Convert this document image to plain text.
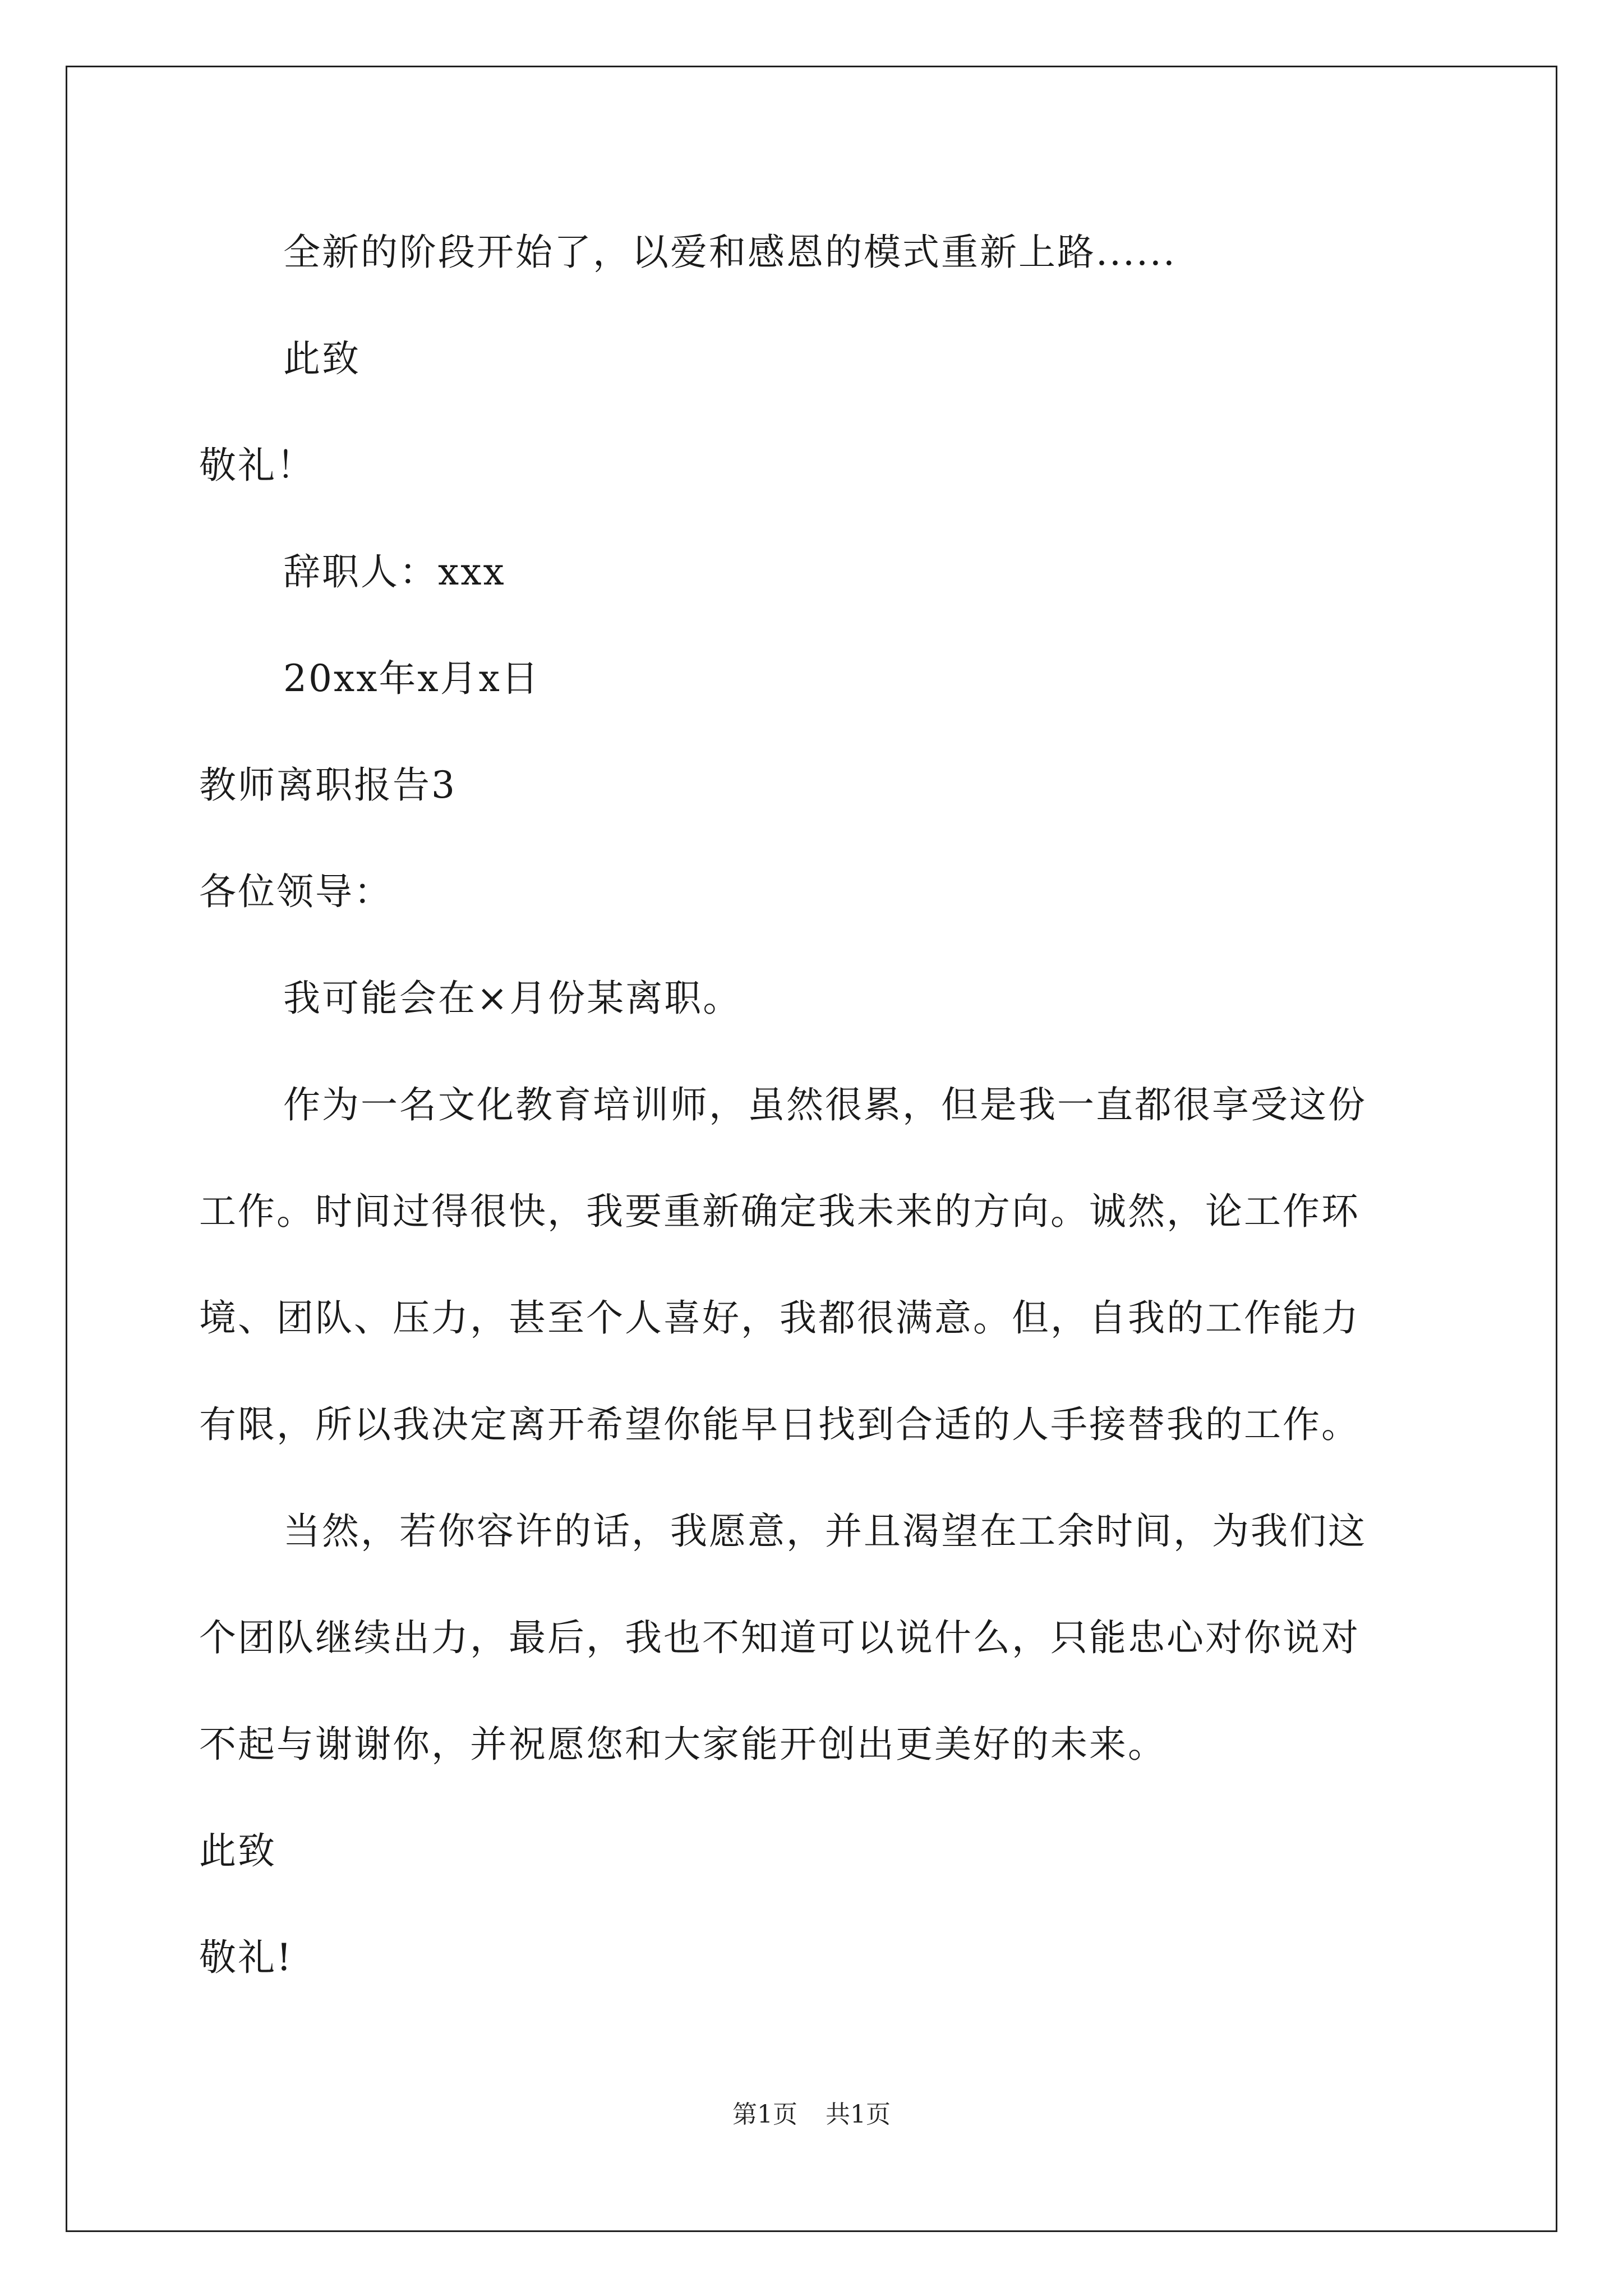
全新的阶段开始了，以爱和感恩的模式重新上路......
此致
敬礼！
辞职人：xxx
20xx年x月x日
教师离职报告3
各位领导：
我可能会在×月份某离职。
作为一名文化教育培训师，虽然很累，但是我一直都很享受这份
工作。时间过得很快，我要重新确定我未来的方向。诚然，论工作环
境、团队、压力，甚至个人喜好，我都很满意。但，自我的工作能力
有限，所以我决定离开希望你能早日找到合适的人手接替我的工作。
当然，若你容许的话，我愿意，并且渴望在工余时间，为我们这
个团队继续出力，最后，我也不知道可以说什么，只能忠心对你说对
不起与谢谢你，并祝愿您和大家能开创出更美好的未来。
此致
敬礼!
第1页 共1页
